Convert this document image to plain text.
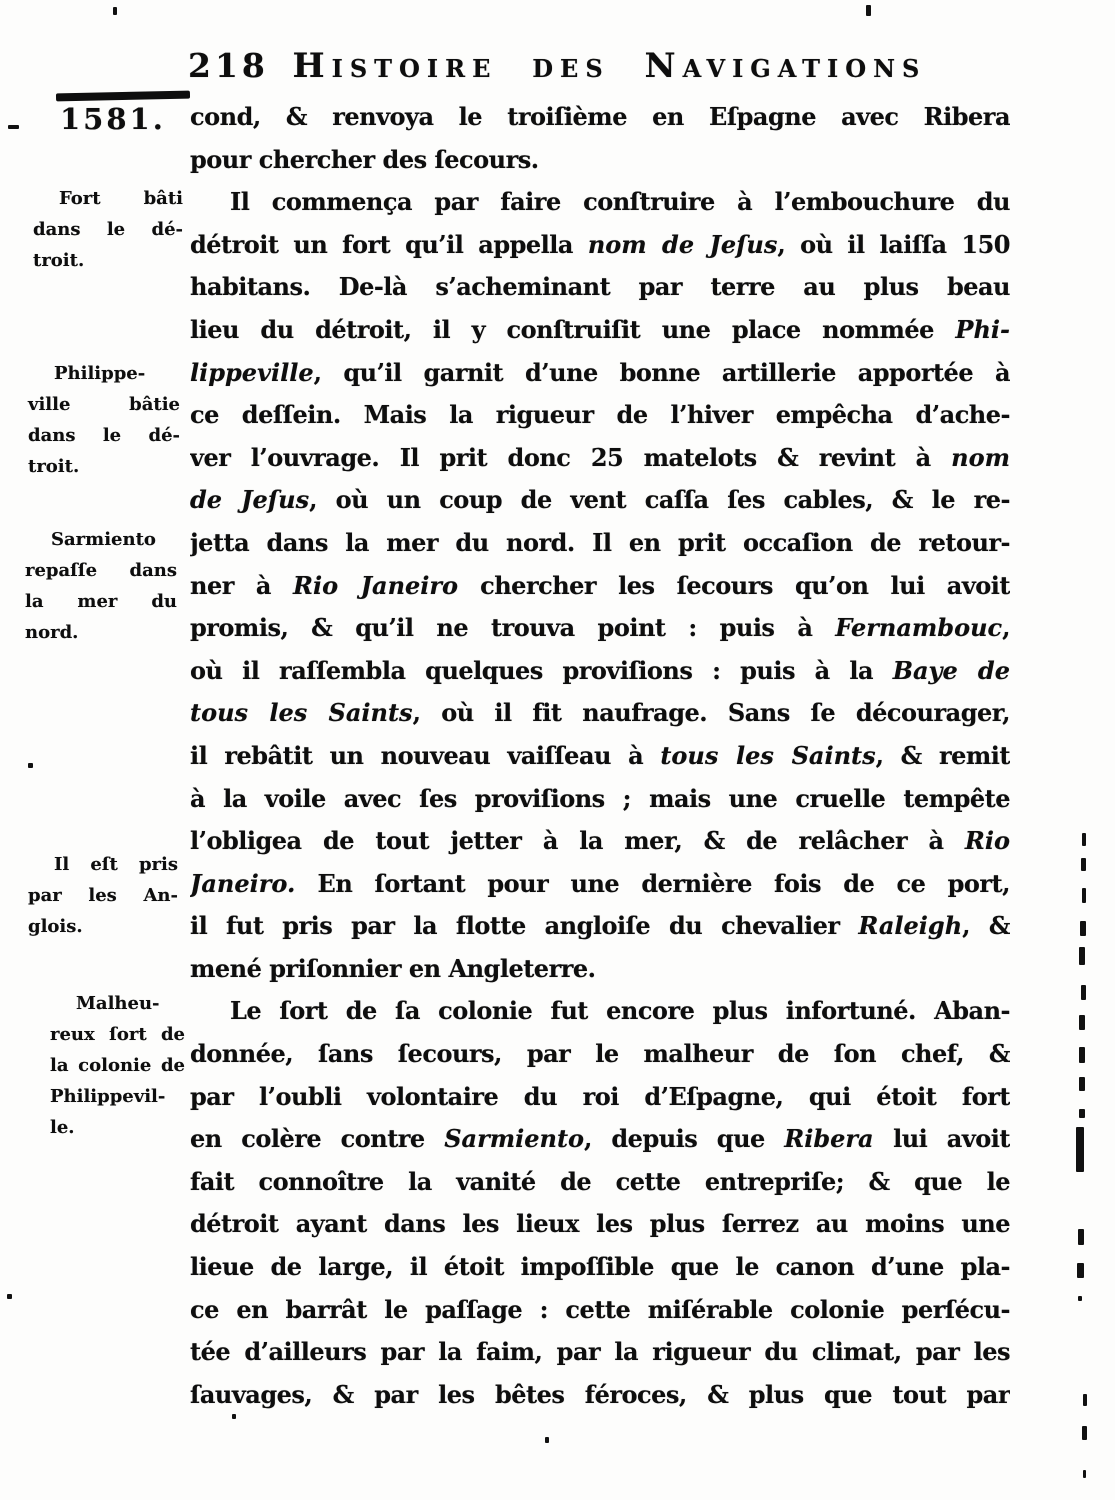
218 Histoire des Navigations
1581.
Fort bâti
dans le dé-
troit.
Philippe-
ville bâtie
dans le dé-
troit.
Sarmiento
repaſſe dans
la mer du
nord.
Il eſt pris
par les An-
glois.
Malheu-
reux ſort de
la colonie de
Philippevil-
le.
cond, & renvoya le troiſième en Eſpagne avec Ribera
pour chercher des ſecours.
Il commença par faire conſtruire à l’embouchure du
détroit un fort qu’il appella nom de Jeſus, où il laiſſa 150
habitans. De-là s’acheminant par terre au plus beau
lieu du détroit, il y conſtruiſit une place nommée Phi-
lippeville, qu’il garnit d’une bonne artillerie apportée à
ce deſſein. Mais la rigueur de l’hiver empêcha d’ache-
ver l’ouvrage. Il prit donc 25 matelots & revint à nom
de Jeſus, où un coup de vent caſſa ſes cables, & le re-
jetta dans la mer du nord. Il en prit occaſion de retour-
ner à Rio Janeiro chercher les ſecours qu’on lui avoit
promis, & qu’il ne trouva point : puis à Fernambouc,
où il raſſembla quelques proviſions : puis à la Baye de
tous les Saints, où il fit naufrage. Sans ſe décourager,
il rebâtit un nouveau vaiſſeau à tous les Saints, & remit
à la voile avec ſes proviſions ; mais une cruelle tempête
l’obligea de tout jetter à la mer, & de relâcher à Rio
Janeiro. En ſortant pour une dernière fois de ce port,
il fut pris par la flotte angloiſe du chevalier Raleigh, &
mené priſonnier en Angleterre.
Le ſort de ſa colonie fut encore plus infortuné. Aban-
donnée, ſans ſecours, par le malheur de ſon chef, &
par l’oubli volontaire du roi d’Eſpagne, qui étoit fort
en colère contre Sarmiento, depuis que Ribera lui avoit
fait connoître la vanité de cette entrepriſe; & que le
détroit ayant dans les lieux les plus ſerrez au moins une
lieue de large, il étoit impoſſible que le canon d’une pla-
ce en barrât le paſſage : cette miſérable colonie perſécu-
tée d’ailleurs par la faim, par la rigueur du climat, par les
ſauvages, & par les bêtes féroces, & plus que tout par
